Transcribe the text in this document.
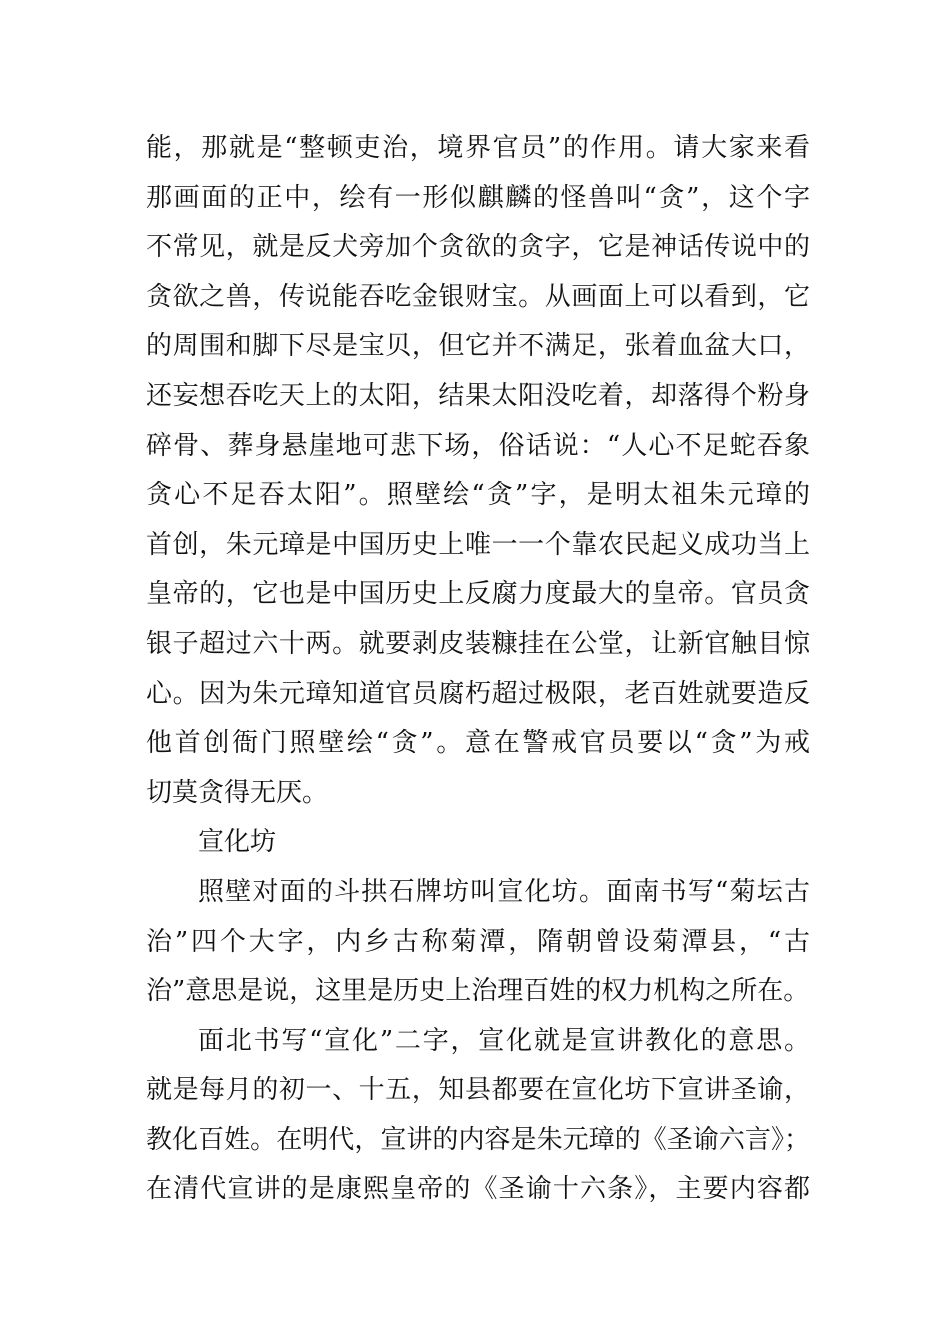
能，那就是“整顿吏治，境界官员”的作用。请大家来看
那画面的正中，绘有一形似麒麟的怪兽叫“贪”，这个字
不常见，就是反犬旁加个贪欲的贪字，它是神话传说中的
贪欲之兽，传说能吞吃金银财宝。从画面上可以看到，它
的周围和脚下尽是宝贝，但它并不满足，张着血盆大口，
还妄想吞吃天上的太阳，结果太阳没吃着，却落得个粉身
碎骨、葬身悬崖地可悲下场，俗话说：“人心不足蛇吞象
贪心不足吞太阳”。照壁绘“贪”字，是明太祖朱元璋的
首创，朱元璋是中国历史上唯一一个靠农民起义成功当上
皇帝的，它也是中国历史上反腐力度最大的皇帝。官员贪
银子超过六十两。就要剥皮装糠挂在公堂，让新官触目惊
心。因为朱元璋知道官员腐朽超过极限，老百姓就要造反
他首创衙门照壁绘“贪”。意在警戒官员要以“贪”为戒
切莫贪得无厌。
宣化坊
照壁对面的斗拱石牌坊叫宣化坊。面南书写“菊坛古
治”四个大字，内乡古称菊潭，隋朝曾设菊潭县，“古
治”意思是说，这里是历史上治理百姓的权力机构之所在。
面北书写“宣化”二字，宣化就是宣讲教化的意思。
就是每月的初一、十五，知县都要在宣化坊下宣讲圣谕，
教化百姓。在明代，宣讲的内容是朱元璋的《圣谕六言》；
在清代宣讲的是康熙皇帝的《圣谕十六条》，主要内容都
